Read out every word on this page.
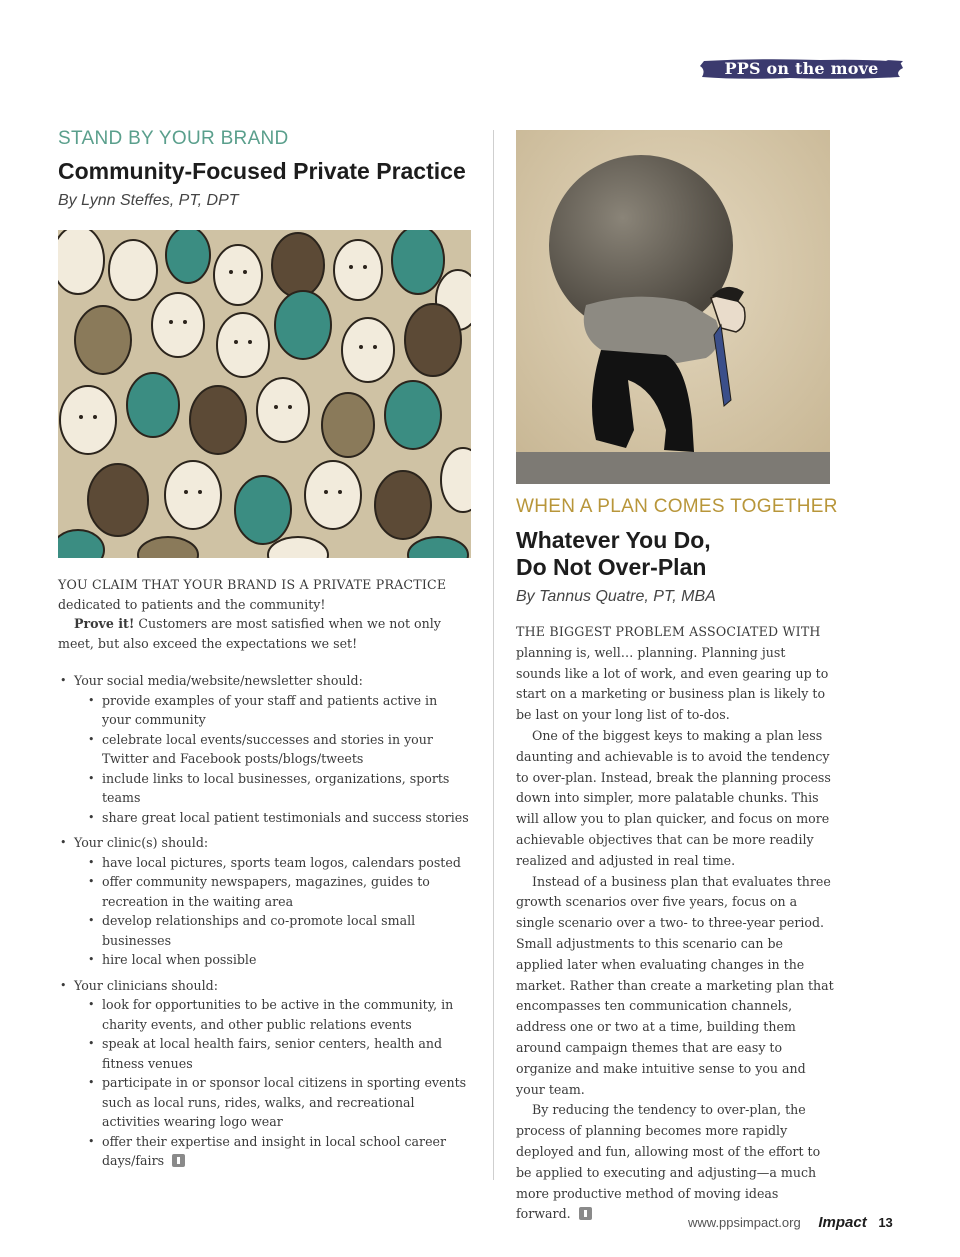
PPS on the move
STAND BY YOUR BRAND
Community-Focused Private Practice
By Lynn Steffes, PT, DPT

YOU CLAIM THAT YOUR BRAND IS A PRIVATE PRACTICE dedicated to patients and the community!

Prove it! Customers are most satisfied when we not only meet, but also exceed the expectations we set!

• Your social media/website/newsletter should:
• provide examples of your staff and patients active in your community
• celebrate local events/successes and stories in your Twitter and Facebook posts/blogs/tweets
• include links to local businesses, organizations, sports teams
• share great local patient testimonials and success stories
• Your clinic(s) should:
• have local pictures, sports team logos, calendars posted
• offer community newspapers, magazines, guides to recreation in the waiting area
• develop relationships and co-promote local small businesses
• hire local when possible
• Your clinicians should:
• look for opportunities to be active in the community, in charity events, and other public relations events
• speak at local health fairs, senior centers, health and fitness venues
• participate in or sponsor local citizens in sporting events such as local runs, rides, walks, and recreational activities wearing logo wear
• offer their expertise and insight in local school career days/fairs
WHEN A PLAN COMES TOGETHER
Whatever You Do,
Do Not Over-Plan
By Tannus Quatre, PT, MBA

THE BIGGEST PROBLEM ASSOCIATED WITH planning is, well… planning. Planning just sounds like a lot of work, and even gearing up to start on a marketing or business plan is likely to be last on your long list of to-dos.

One of the biggest keys to making a plan less daunting and achievable is to avoid the tendency to over-plan. Instead, break the planning process down into simpler, more palatable chunks. This will allow you to plan quicker, and focus on more achievable objectives that can be more readily realized and adjusted in real time.

Instead of a business plan that evaluates three growth scenarios over five years, focus on a single scenario over a two- to three-year period. Small adjustments to this scenario can be applied later when evaluating changes in the market. Rather than create a marketing plan that encompasses ten communication channels, address one or two at a time, building them around campaign themes that are easy to organize and make intuitive sense to you and your team.

By reducing the tendency to over-plan, the process of planning becomes more rapidly deployed and fun, allowing most of the effort to be applied to executing and adjusting—a much more productive method of moving ideas forward.

www.ppsimpact.org Impact 13
